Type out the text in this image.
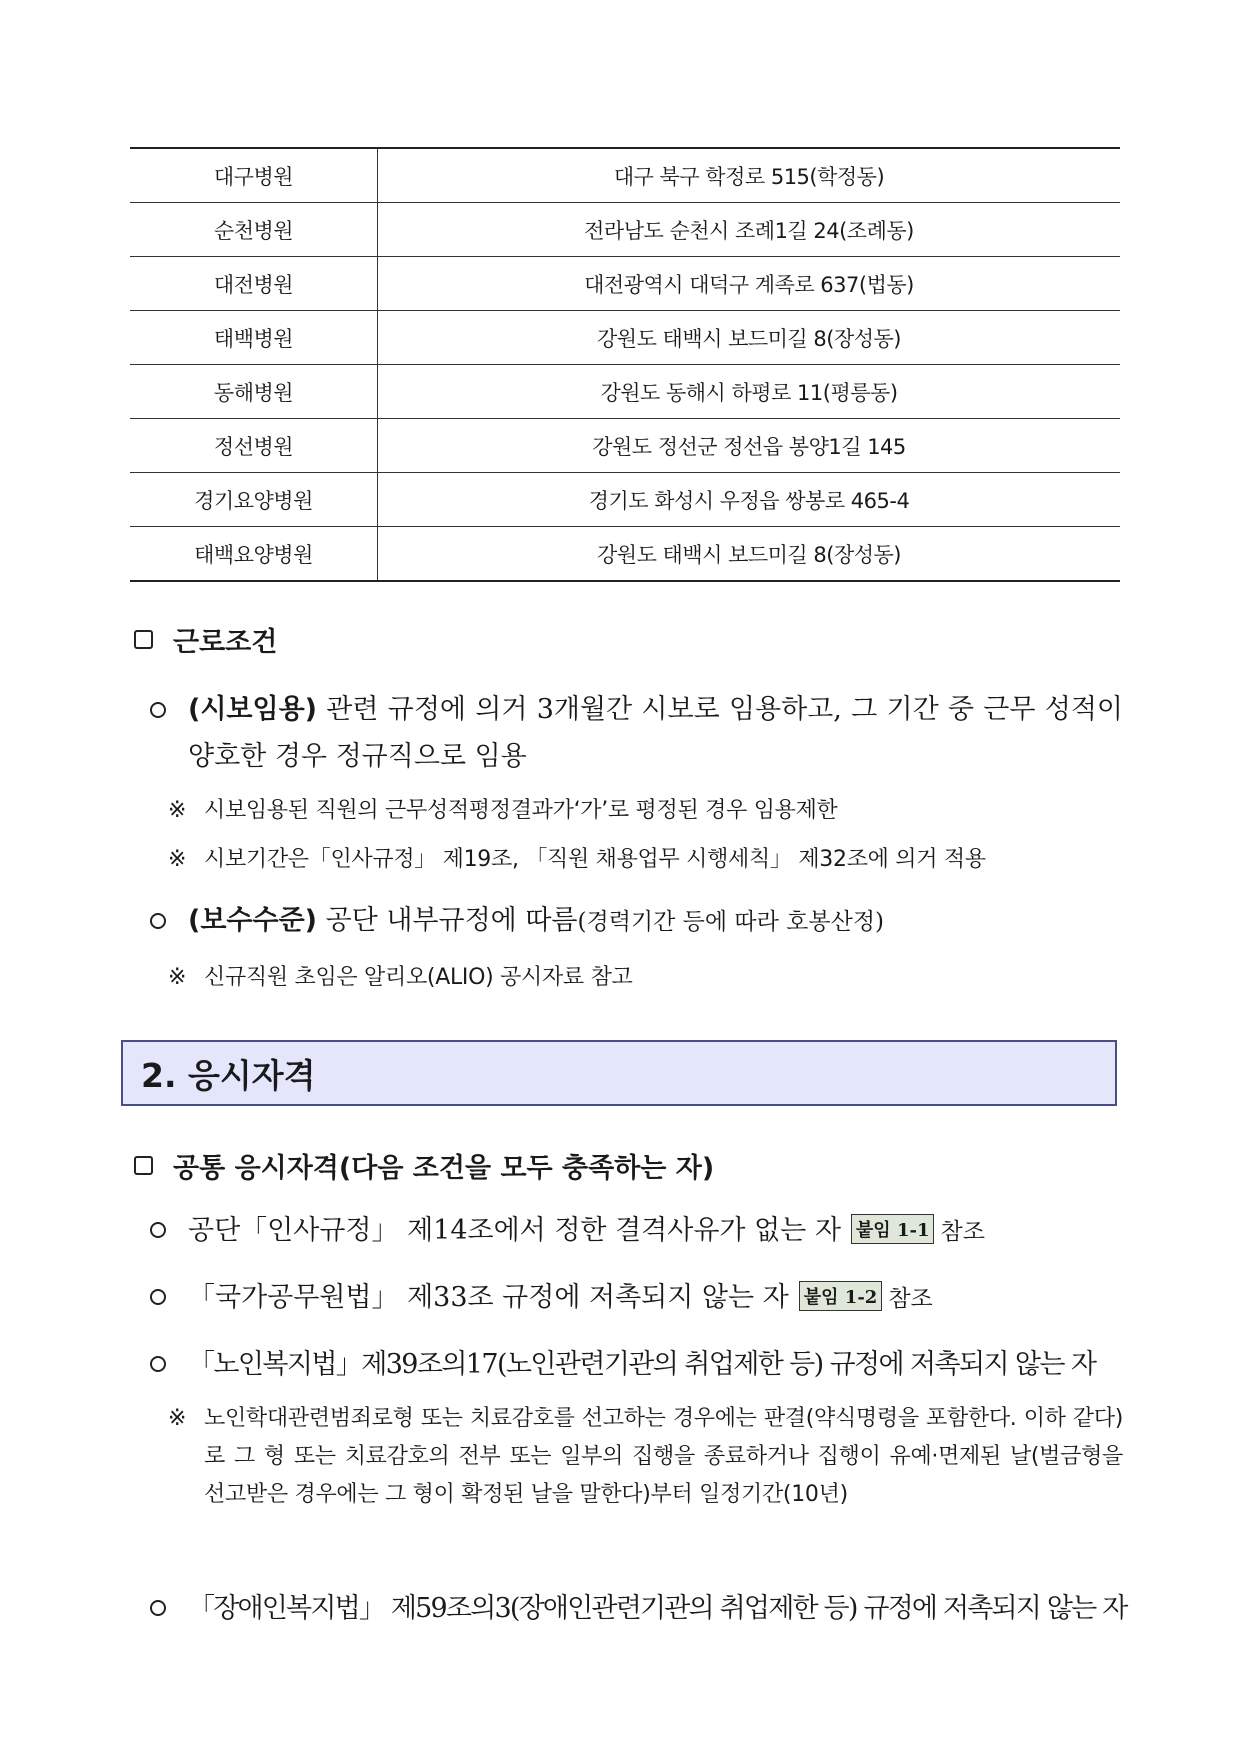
대구병원	대구 북구 학정로 515(학정동)
순천병원	전라남도 순천시 조례1길 24(조례동)
대전병원	대전광역시 대덕구 계족로 637(법동)
태백병원	강원도 태백시 보드미길 8(장성동)
동해병원	강원도 동해시 하평로 11(평릉동)
정선병원	강원도 정선군 정선읍 봉양1길 145
경기요양병원	경기도 화성시 우정읍 쌍봉로 465-4
태백요양병원	강원도 태백시 보드미길 8(장성동)
근로조건
(시보임용) 관련 규정에 의거 3개월간 시보로 임용하고, 그 기간 중 근무 성적이 양호한 경우 정규직으로 임용
※ 시보임용된 직원의 근무성적평정결과가‘가’로 평정된 경우 임용제한
※ 시보기간은「인사규정」 제19조, 「직원 채용업무 시행세칙」 제32조에 의거 적용
(보수수준) 공단 내부규정에 따름(경력기간 등에 따라 호봉산정)
※ 신규직원 초임은 알리오(ALIO) 공시자료 참고
2. 응시자격
공통 응시자격(다음 조건을 모두 충족하는 자)
공단「인사규정」 제14조에서 정한 결격사유가 없는 자 붙임 1-1 참조
「국가공무원법」 제33조 규정에 저촉되지 않는 자 붙임 1-2 참조
「노인복지법」제39조의17(노인관련기관의 취업제한 등) 규정에 저촉되지 않는 자
※ 노인학대관련범죄로형 또는 치료감호를 선고하는 경우에는 판결(약식명령을 포함한다. 이하 같다)로 그 형 또는 치료감호의 전부 또는 일부의 집행을 종료하거나 집행이 유예·면제된 날(벌금형을 선고받은 경우에는 그 형이 확정된 날을 말한다)부터 일정기간(10년)
「장애인복지법」 제59조의3(장애인관련기관의 취업제한 등) 규정에 저촉되지 않는 자
